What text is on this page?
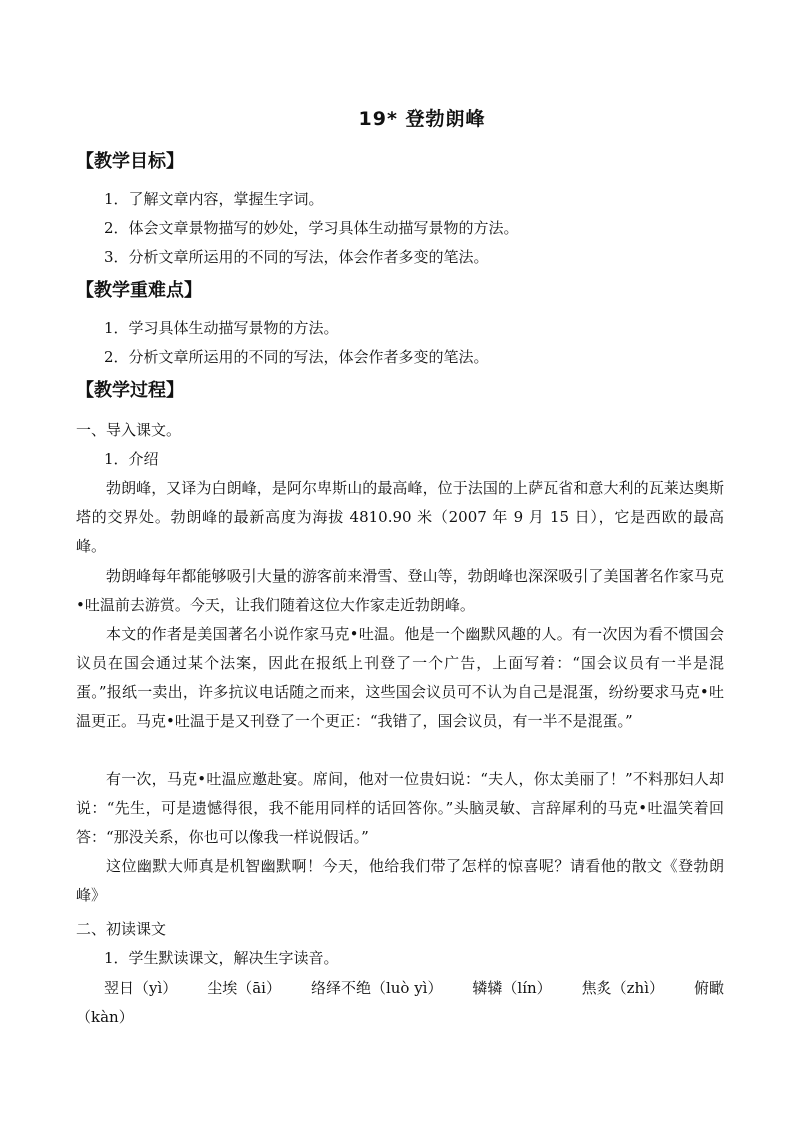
19* 登勃朗峰
【教学目标】
1．了解文章内容，掌握生字词。
2．体会文章景物描写的妙处，学习具体生动描写景物的方法。
3．分析文章所运用的不同的写法，体会作者多变的笔法。
【教学重难点】
1．学习具体生动描写景物的方法。
2．分析文章所运用的不同的写法，体会作者多变的笔法。
【教学过程】
一、导入课文。
1．介绍
勃朗峰，又译为白朗峰，是阿尔卑斯山的最高峰，位于法国的上萨瓦省和意大利的瓦莱达奥斯塔的交界处。勃朗峰的最新高度为海拔 4810.90 米（2007 年 9 月 15 日），它是西欧的最高峰。
勃朗峰每年都能够吸引大量的游客前来滑雪、登山等，勃朗峰也深深吸引了美国著名作家马克•吐温前去游赏。今天，让我们随着这位大作家走近勃朗峰。
本文的作者是美国著名小说作家马克•吐温。他是一个幽默风趣的人。有一次因为看不惯国会议员在国会通过某个法案，因此在报纸上刊登了一个广告，上面写着：“国会议员有一半是混蛋。”报纸一卖出，许多抗议电话随之而来，这些国会议员可不认为自己是混蛋，纷纷要求马克•吐温更正。马克•吐温于是又刊登了一个更正：“我错了，国会议员，有一半不是混蛋。”
有一次，马克•吐温应邀赴宴。席间，他对一位贵妇说：“夫人，你太美丽了！”不料那妇人却说：“先生，可是遗憾得很，我不能用同样的话回答你。”头脑灵敏、言辞犀利的马克•吐温笑着回答：“那没关系，你也可以像我一样说假话。”
这位幽默大师真是机智幽默啊！今天，他给我们带了怎样的惊喜呢？请看他的散文《登勃朗峰》
二、初读课文
1．学生默读课文，解决生字读音。
翌日（yì） 尘埃（āi） 络绎不绝（luò yì） 辚辚（lín） 焦炙（zhì） 俯瞰
（kàn）
